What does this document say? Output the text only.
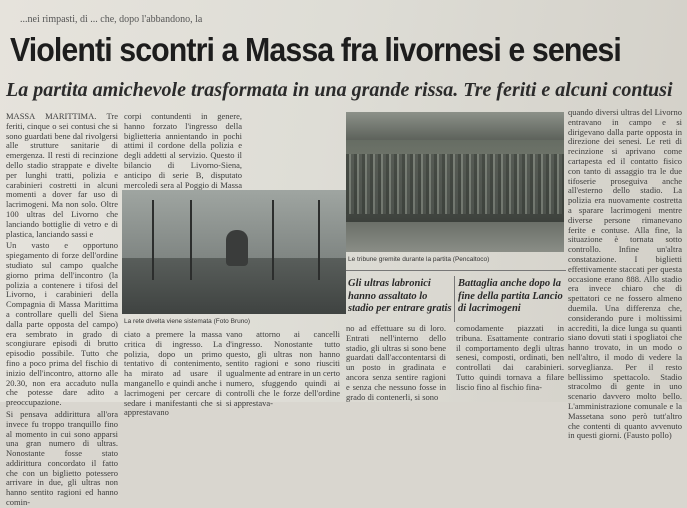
...nei rimpasti, di ... che, dopo l'abbandono, la
Violenti scontri a Massa fra livornesi e senesi
La partita amichevole trasformata in una grande rissa. Tre feriti e alcuni contusi

MASSA MARITTIMA. Tre feriti, cinque o sei contusi che si sono guardati bene dal rivolgersi alle strutture sanitarie di emergenza. Il resti di recinzione dello stadio strappate e divelte per lunghi tratti, polizia e carabinieri costretti in alcuni momenti a dover far uso di lacrimogeni. Ma non solo. Oltre 100 ultras del Livorno che lanciando bottiglie di vetro e di plastica, lanciando sassi e

Un vasto e opportuno spiegamento di forze dell'ordine studiato sul campo qualche giorno prima dell'incontro (la polizia a contenere i tifosi del Livorno, i carabinieri della Compagnia di Massa Marittima a controllare quelli del Siena dalla parte opposta del campo) era sembrato in grado di scongiurare episodi di brutto episodio possibile. Tutto che fino a poco prima del fischio di inizio dell'incontro, attorno alle 20.30, non era accaduto nulla che potesse dare adito a preoccupazione.

Si pensava addirittura all'ora invece fu troppo tranquillo fino al momento in cui sono apparsi una gran numero di ultras. Nonostante fosse stato addirittura concordato il fatto che con un biglietto potessero arrivare in due, gli ultras non hanno sentito ragioni ed hanno comin-

corpi contundenti in genere, hanno forzato l'ingresso della biglietteria annientando in pochi attimi il cordone della polizia e degli addetti al servizio. Questo il bilancio di Livorno-Siena, anticipo di serie B, disputato mercoledì sera al Poggio di Massa
La rete divelta viene sistemata (Foto Bruno)
Le tribune gremite durante la partita (Pencaltoco)
Gli ultras labronici hanno assaltato lo stadio per entrare gratis
Battaglia anche dopo la fine della partita Lancio di lacrimogeni
ciato a premere la massa critica di ingresso. La polizia, dopo un primo tentativo di contenimento, ha mirato ad usare il manganello e quindi anche i lacrimogeni per cercare di sedare i manifestanti che si apprestavano
vano attorno ai cancelli d'ingresso. Nonostante tutto questo, gli ultras non hanno sentito ragioni e sono riusciti ugualmente ad entrare in un certo numero, sfuggendo quindi ai controlli che le forze dell'ordine si apprestava-
no ad effettuare su di loro. Entrati nell'interno dello stadio, gli ultras si sono bene guardati dall'accontentarsi di un posto in gradinata e ancora senza sentire ragioni e senza che nessuno fosse in grado di contenerli, si sono
comodamente piazzati in tribuna. Esattamente contrario il comportamento degli ultras senesi, composti, ordinati, ben controllati dai carabinieri. Tutto quindi tornava a filare liscio fino al fischio fina-
quando diversi ultras del Livorno entravano in campo e si dirigevano dalla parte opposta in direzione dei senesi. Le reti di recinzione si aprivano come cartapesta ed il contatto fisico con tanto di assaggio tra le due tifoserie proseguiva anche all'esterno dello stadio. La polizia era nuovamente costretta a sparare lacrimogeni mentre diverse persone rimanevano ferite e contuse. Alla fine, la situazione è tornata sotto controllo. Infine un'altra constatazione. I biglietti effettivamente staccati per questa occasione erano 888. Allo stadio era invece chiaro che di spettatori ce ne fossero almeno duemila. Una differenza che, considerando pure i moltissimi accrediti, la dice lunga su quanti siano dovuti stati i spogliatoi che hanno trovato, in un modo o nell'altro, il modo di vedere la sorveglianza. Per il resto bellissimo spettacolo. Stadio stracolmo di gente in uno scenario davvero molto bello. L'amministrazione comunale e la Massetana sono però tutt'altro che contenti di quanto avvenuto in questi giorni. (Fausto pollo)
